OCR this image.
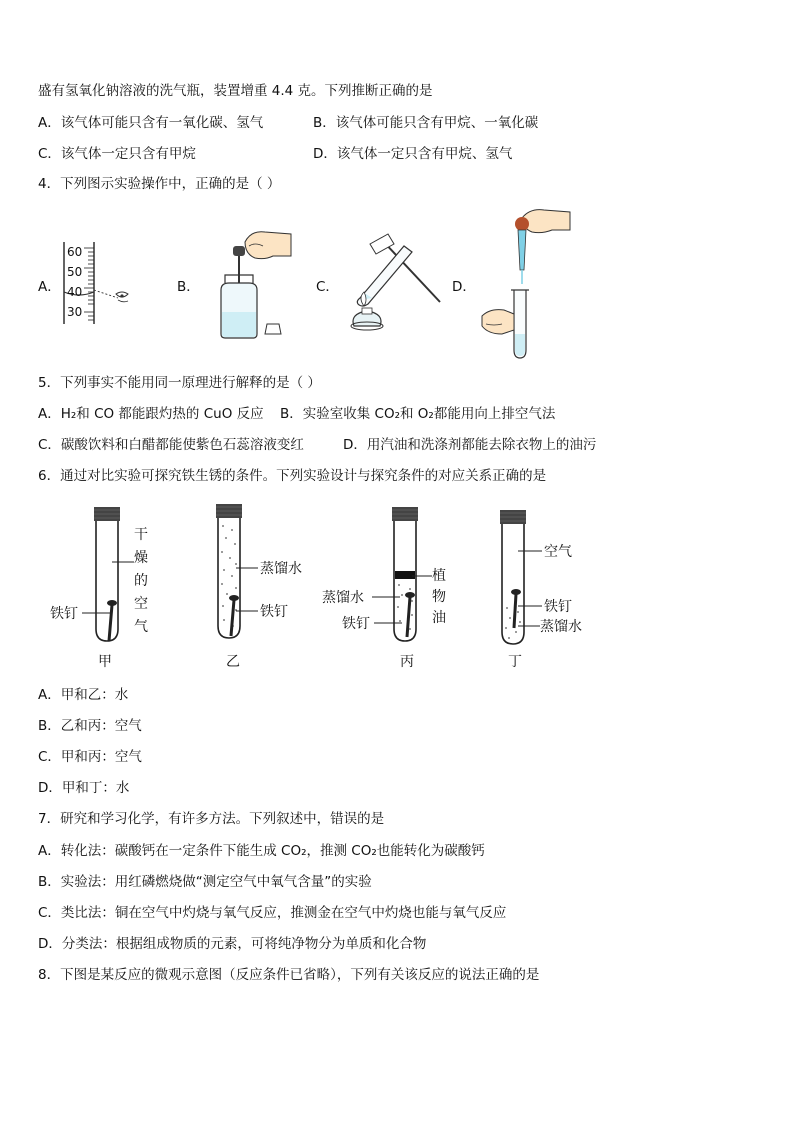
盛有氢氧化钠溶液的洗气瓶，装置增重 4.4 克。下列推断正确的是
A．该气体可能只含有一氧化碳、氢气	B．该气体可能只含有甲烷、一氧化碳
C．该气体一定只含有甲烷	D．该气体一定只含有甲烷、氢气
4．下列图示实验操作中，正确的是（ ）
A．	B．	C．	D．
60
50
40
30
5．下列事实不能用同一原理进行解释的是（ ）
A．H₂和 CO 都能跟灼热的 CuO 反应 B．实验室收集 CO₂和 O₂都能用向上排空气法
C．碳酸饮料和白醋都能使紫色石蕊溶液变红	D．用汽油和洗涤剂都能去除衣物上的油污
6．通过对比实验可探究铁生锈的条件。下列实验设计与探究条件的对应关系正确的是
干燥的空气
铁钉
甲
蒸馏水
铁钉
乙
植物油
蒸馏水
铁钉
丙
空气
铁钉
蒸馏水
丁
A．甲和乙：水
B．乙和丙：空气
C．甲和丙：空气
D．甲和丁：水
7．研究和学习化学，有许多方法。下列叙述中，错误的是
A．转化法：碳酸钙在一定条件下能生成 CO₂，推测 CO₂也能转化为碳酸钙
B．实验法：用红磷燃烧做“测定空气中氧气含量”的实验
C．类比法：铜在空气中灼烧与氧气反应，推测金在空气中灼烧也能与氧气反应
D．分类法：根据组成物质的元素，可将纯净物分为单质和化合物
8．下图是某反应的微观示意图（反应条件已省略），下列有关该反应的说法正确的是
